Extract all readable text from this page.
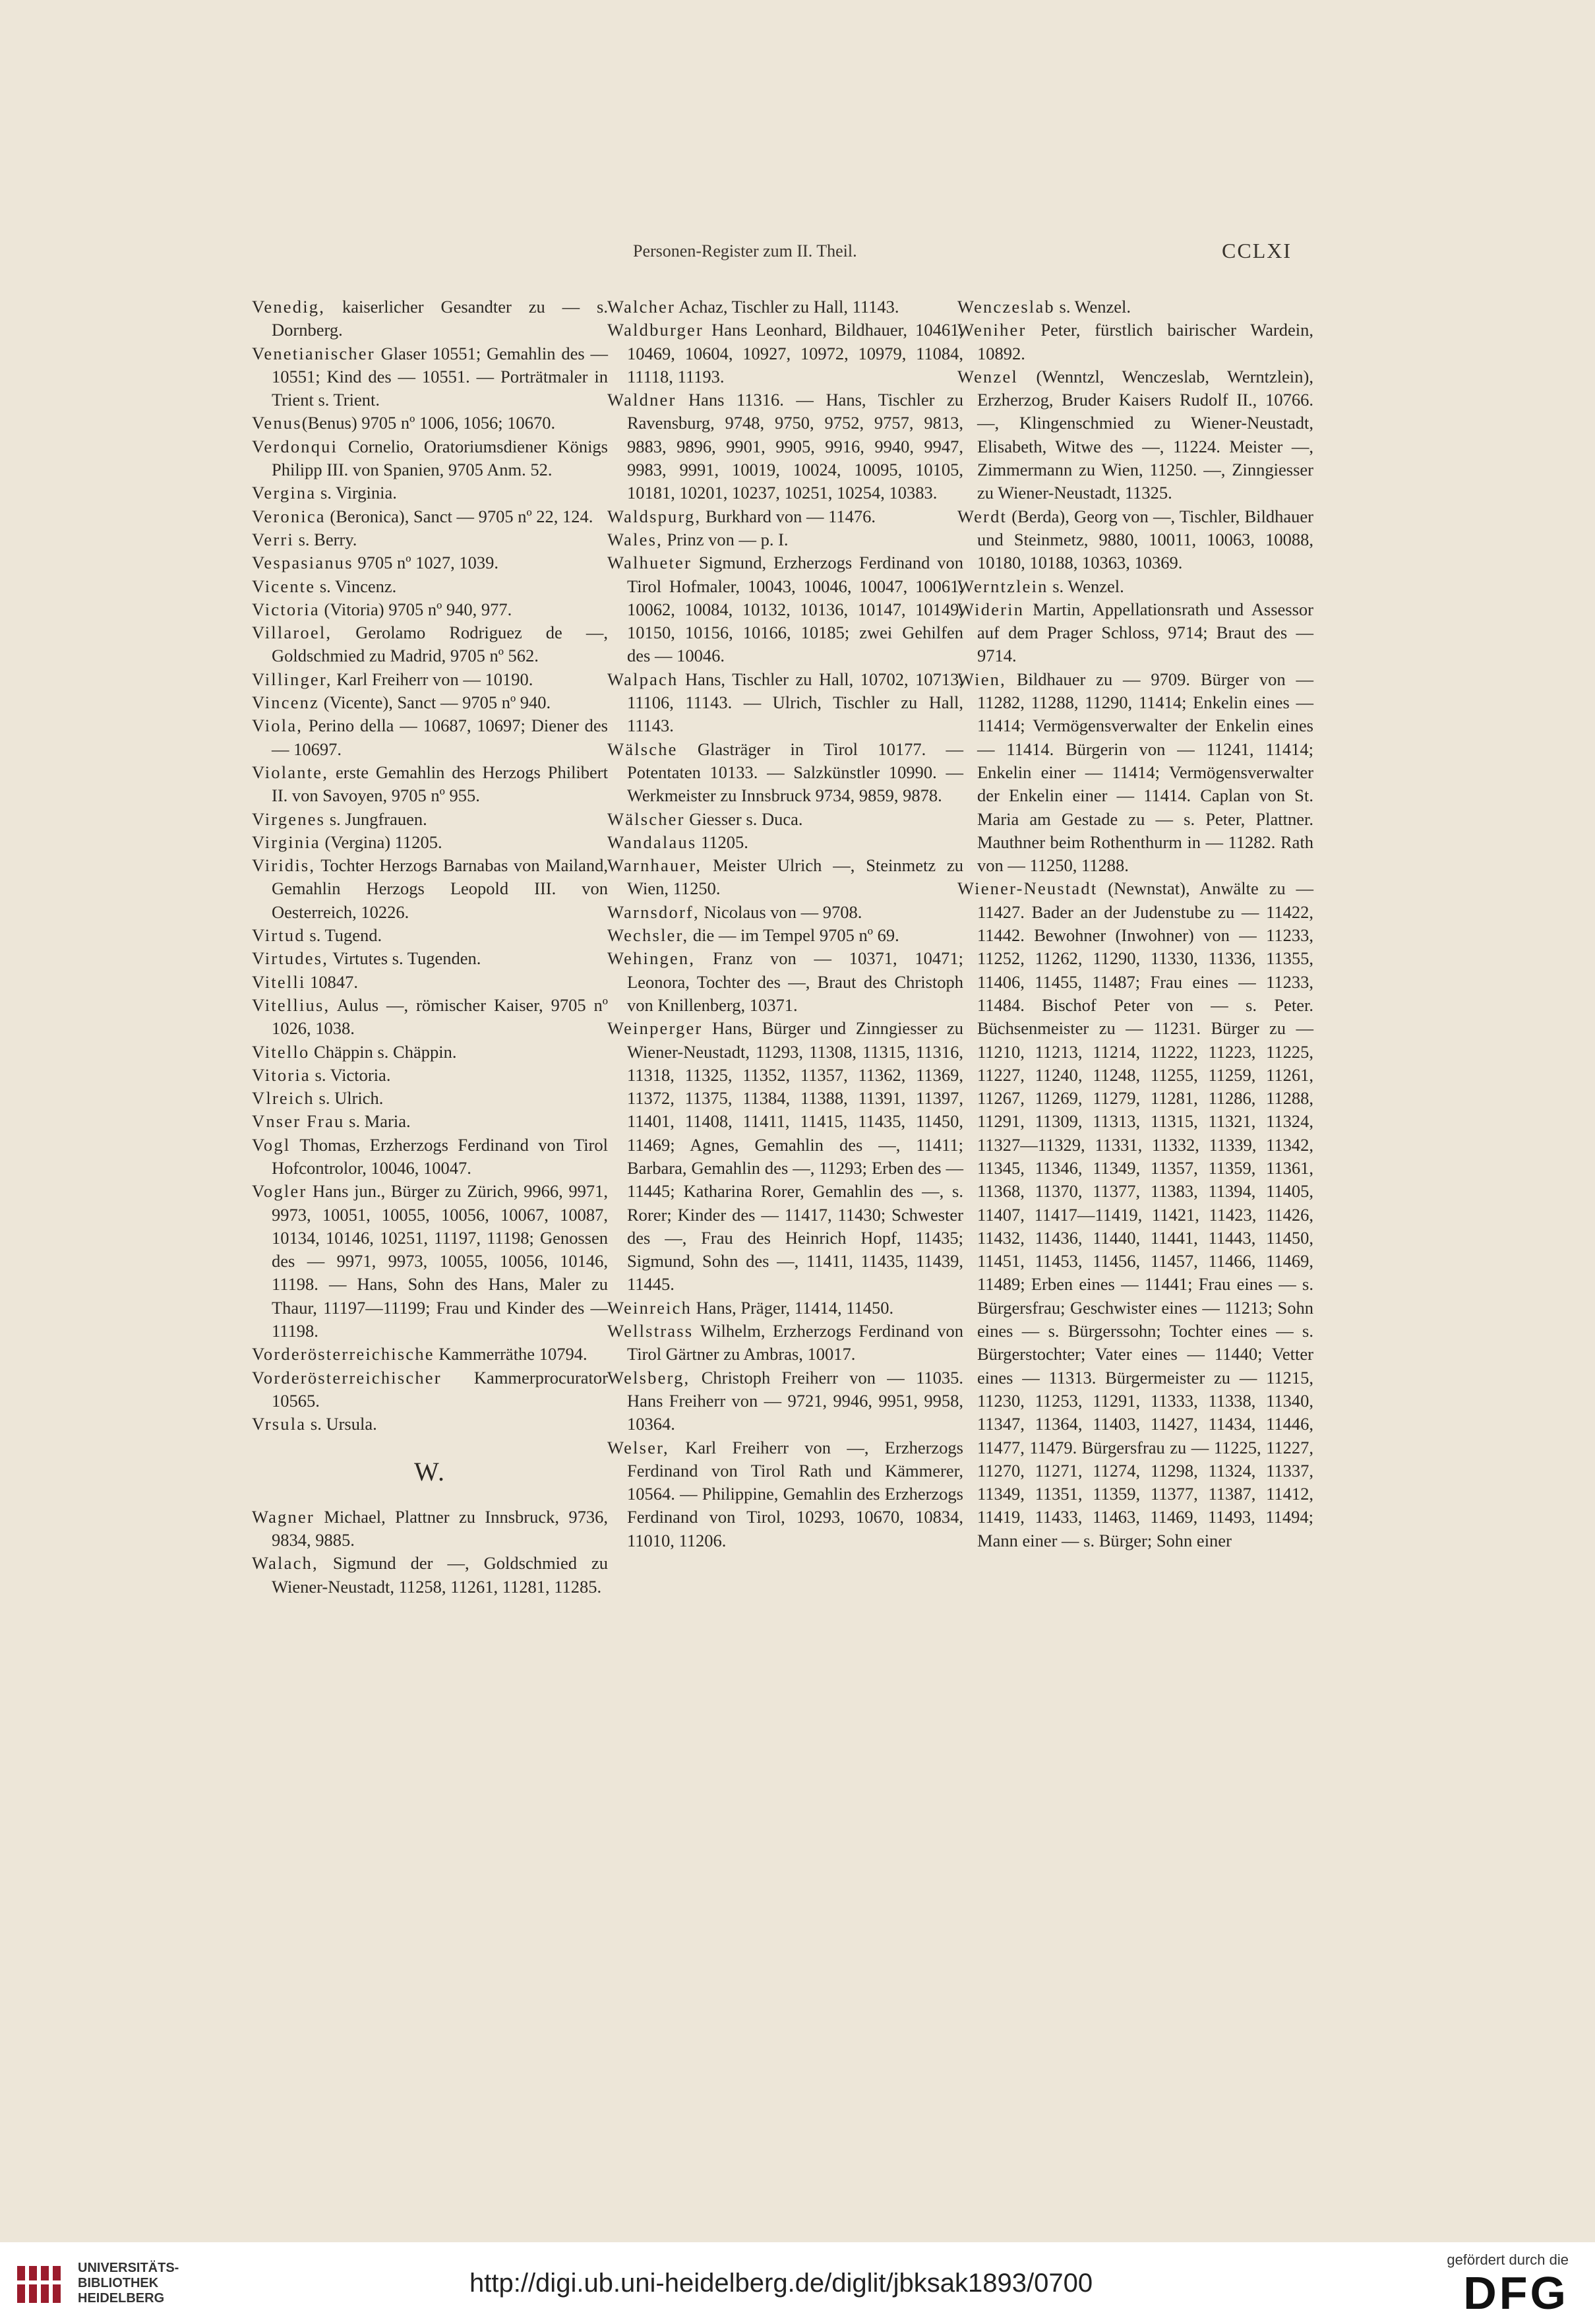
Personen-Register zum II. Theil.	CCLXI

Venedig, kaiserlicher Gesandter zu — s. Dornberg.

Venetianischer Glaser 10551; Gemahlin des — 10551; Kind des — 10551. — Porträtmaler in Trient s. Trient.

Venus(Benus) 9705 nº 1006, 1056; 10670.

Verdonqui Cornelio, Oratoriumsdiener Königs Philipp III. von Spanien, 9705 Anm. 52.

Vergina s. Virginia.

Veronica (Beronica), Sanct — 9705 nº 22, 124.

Verri s. Berry.

Vespasianus 9705 nº 1027, 1039.

Vicente s. Vincenz.

Victoria (Vitoria) 9705 nº 940, 977.

Villaroel, Gerolamo Rodriguez de —, Goldschmied zu Madrid, 9705 nº 562.

Villinger, Karl Freiherr von — 10190.

Vincenz (Vicente), Sanct — 9705 nº 940.

Viola, Perino della — 10687, 10697; Diener des — 10697.

Violante, erste Gemahlin des Herzogs Philibert II. von Savoyen, 9705 nº 955.

Virgenes s. Jungfrauen.

Virginia (Vergina) 11205.

Viridis, Tochter Herzogs Barnabas von Mailand, Gemahlin Herzogs Leopold III. von Oesterreich, 10226.

Virtud s. Tugend.

Virtudes, Virtutes s. Tugenden.

Vitelli 10847.

Vitellius, Aulus —, römischer Kaiser, 9705 nº 1026, 1038.

Vitello Chäppin s. Chäppin.

Vitoria s. Victoria.

Vlreich s. Ulrich.

Vnser Frau s. Maria.

Vogl Thomas, Erzherzogs Ferdinand von Tirol Hofcontrolor, 10046, 10047.

Vogler Hans jun., Bürger zu Zürich, 9966, 9971, 9973, 10051, 10055, 10056, 10067, 10087, 10134, 10146, 10251, 11197, 11198; Genossen des — 9971, 9973, 10055, 10056, 10146, 11198. — Hans, Sohn des Hans, Maler zu Thaur, 11197—11199; Frau und Kinder des — 11198.

Vorderösterreichische Kammerräthe 10794.

Vorderösterreichischer Kammerprocurator 10565.

Vrsula s. Ursula.

W.

Wagner Michael, Plattner zu Innsbruck, 9736, 9834, 9885.

Walach, Sigmund der —, Goldschmied zu Wiener-Neustadt, 11258, 11261, 11281, 11285.

Walcher Achaz, Tischler zu Hall, 11143.

Waldburger Hans Leonhard, Bildhauer, 10461, 10469, 10604, 10927, 10972, 10979, 11084, 11118, 11193.

Waldner Hans 11316. — Hans, Tischler zu Ravensburg, 9748, 9750, 9752, 9757, 9813, 9883, 9896, 9901, 9905, 9916, 9940, 9947, 9983, 9991, 10019, 10024, 10095, 10105, 10181, 10201, 10237, 10251, 10254, 10383.

Waldspurg, Burkhard von — 11476.

Wales, Prinz von — p. I.

Walhueter Sigmund, Erzherzogs Ferdinand von Tirol Hofmaler, 10043, 10046, 10047, 10061, 10062, 10084, 10132, 10136, 10147, 10149, 10150, 10156, 10166, 10185; zwei Gehilfen des — 10046.

Walpach Hans, Tischler zu Hall, 10702, 10713, 11106, 11143. — Ulrich, Tischler zu Hall, 11143.

Wälsche Glasträger in Tirol 10177. — Potentaten 10133. — Salzkünstler 10990. — Werkmeister zu Innsbruck 9734, 9859, 9878.

Wälscher Giesser s. Duca.

Wandalaus 11205.

Warnhauer, Meister Ulrich —, Steinmetz zu Wien, 11250.

Warnsdorf, Nicolaus von — 9708.

Wechsler, die — im Tempel 9705 nº 69.

Wehingen, Franz von — 10371, 10471; Leonora, Tochter des —, Braut des Christoph von Knillenberg, 10371.

Weinperger Hans, Bürger und Zinngiesser zu Wiener-Neustadt, 11293, 11308, 11315, 11316, 11318, 11325, 11352, 11357, 11362, 11369, 11372, 11375, 11384, 11388, 11391, 11397, 11401, 11408, 11411, 11415, 11435, 11450, 11469; Agnes, Gemahlin des —, 11411; Barbara, Gemahlin des —, 11293; Erben des — 11445; Katharina Rorer, Gemahlin des —, s. Rorer; Kinder des — 11417, 11430; Schwester des —, Frau des Heinrich Hopf, 11435; Sigmund, Sohn des —, 11411, 11435, 11439, 11445.

Weinreich Hans, Präger, 11414, 11450.

Wellstrass Wilhelm, Erzherzogs Ferdinand von Tirol Gärtner zu Ambras, 10017.

Welsberg, Christoph Freiherr von — 11035. Hans Freiherr von — 9721, 9946, 9951, 9958, 10364.

Welser, Karl Freiherr von —, Erzherzogs Ferdinand von Tirol Rath und Kämmerer, 10564. — Philippine, Gemahlin des Erzherzogs Ferdinand von Tirol, 10293, 10670, 10834, 11010, 11206.

Wenczeslab s. Wenzel.

Weniher Peter, fürstlich bairischer Wardein, 10892.

Wenzel (Wenntzl, Wenczeslab, Werntzlein), Erzherzog, Bruder Kaisers Rudolf II., 10766. —, Klingenschmied zu Wiener-Neustadt, Elisabeth, Witwe des —, 11224. Meister —, Zimmermann zu Wien, 11250. —, Zinngiesser zu Wiener-Neustadt, 11325.

Werdt (Berda), Georg von —, Tischler, Bildhauer und Steinmetz, 9880, 10011, 10063, 10088, 10180, 10188, 10363, 10369.

Werntzlein s. Wenzel.

Widerin Martin, Appellationsrath und Assessor auf dem Prager Schloss, 9714; Braut des — 9714.

Wien, Bildhauer zu — 9709. Bürger von — 11282, 11288, 11290, 11414; Enkelin eines — 11414; Vermögensverwalter der Enkelin eines — 11414. Bürgerin von — 11241, 11414; Enkelin einer — 11414; Vermögensverwalter der Enkelin einer — 11414. Caplan von St. Maria am Gestade zu — s. Peter, Plattner. Mauthner beim Rothenthurm in — 11282. Rath von — 11250, 11288.

Wiener-Neustadt (Newnstat), Anwälte zu — 11427. Bader an der Judenstube zu — 11422, 11442. Bewohner (Inwohner) von — 11233, 11252, 11262, 11290, 11330, 11336, 11355, 11406, 11455, 11487; Frau eines — 11233, 11484. Bischof Peter von — s. Peter. Büchsenmeister zu — 11231. Bürger zu — 11210, 11213, 11214, 11222, 11223, 11225, 11227, 11240, 11248, 11255, 11259, 11261, 11267, 11269, 11279, 11281, 11286, 11288, 11291, 11309, 11313, 11315, 11321, 11324, 11327—11329, 11331, 11332, 11339, 11342, 11345, 11346, 11349, 11357, 11359, 11361, 11368, 11370, 11377, 11383, 11394, 11405, 11407, 11417—11419, 11421, 11423, 11426, 11432, 11436, 11440, 11441, 11443, 11450, 11451, 11453, 11456, 11457, 11466, 11469, 11489; Erben eines — 11441; Frau eines — s. Bürgersfrau; Geschwister eines — 11213; Sohn eines — s. Bürgerssohn; Tochter eines — s. Bürgerstochter; Vater eines — 11440; Vetter eines — 11313. Bürgermeister zu — 11215, 11230, 11253, 11291, 11333, 11338, 11340, 11347, 11364, 11403, 11427, 11434, 11446, 11477, 11479. Bürgersfrau zu — 11225, 11227, 11270, 11271, 11274, 11298, 11324, 11337, 11349, 11351, 11359, 11377, 11387, 11412, 11419, 11433, 11463, 11469, 11493, 11494; Mann einer — s. Bürger; Sohn einer

UNIVERSITÄTS-
BIBLIOTHEK
HEIDELBERG
http://digi.ub.uni-heidelberg.de/diglit/jbksak1893/0700
gefördert durch die
DFG
